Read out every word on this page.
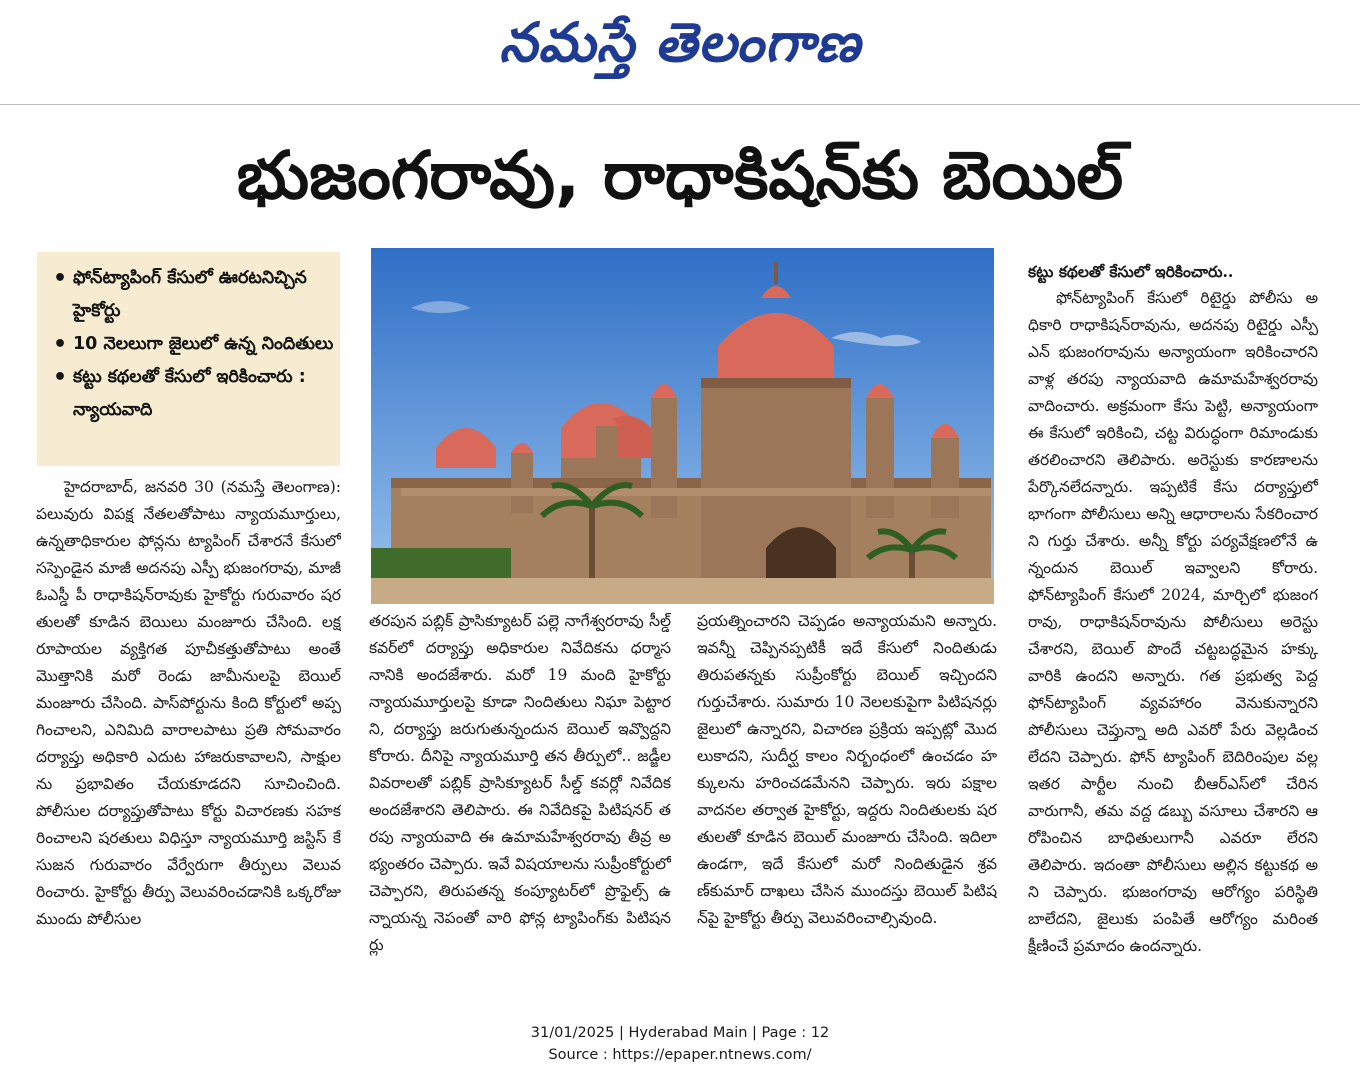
నమస్తే తెలంగాణ
భుజంగరావు, రాధాకిషన్‌కు బెయిల్
• ఫోన్‌ట్యాపింగ్‌ కేసులో ఊరటనిచ్చిన హైకోర్టు
• 10 నెలలుగా జైలులో ఉన్న నిందితులు
• కట్టు కథలతో కేసులో ఇరికించారు : న్యాయవాది

హైదరాబాద్‌, జనవరి 30 (నమస్తే తెలంగాణ): పలువురు విపక్ష నేతలతోపాటు న్యాయమూర్తులు, ఉన్నతాధికారుల ఫోన్లను ట్యాపింగ్‌ చేశారనే కేసులో సస్పెండైన మాజీ అదనపు ఎస్పీ భుజంగరావు, మాజీ ఓఎస్డీ పీ రాధాకిషన్‌రావుకు హైకోర్టు గురువారం షరతులతో కూడిన బెయిలు మంజూరు చేసింది. లక్ష రూపాయల వ్యక్తిగత పూచీకత్తుతోపాటు అంతే మొత్తానికి మరో రెండు జామీనులపై బెయిల్‌ మంజూరు చేసింది. పాస్‌పోర్టును కింది కోర్టులో అప్పగించాలని, ఎనిమిది వారాలపాటు ప్రతి సోమవారం దర్యాప్తు అధికారి ఎదుట హాజరుకావాలని, సాక్షులను ప్రభావితం చేయకూడదని సూచించింది. పోలీసుల దర్యాప్తుతోపాటు కోర్టు విచారణకు సహకరించాలని షరతులు విధిస్తూ న్యాయమూర్తి జస్టిస్‌ కే సుజన గురువారం వేర్వేరుగా తీర్పులు వెలువరించారు. హైకోర్టు తీర్పు వెలువరించడానికి ఒక్కరోజు ముందు పోలీసుల

తరపున పబ్లిక్‌ ప్రాసిక్యూటర్‌ పల్లె నాగేశ్వరరావు సీల్డ్‌ కవర్‌లో దర్యాప్తు అధికారుల నివేదికను ధర్మాసనానికి అందజేశారు. మరో 19 మంది హైకోర్టు న్యాయమూర్తులపై కూడా నిందితులు నిఘా పెట్టారని, దర్యాప్తు జరుగుతున్నందున బెయిల్‌ ఇవ్వొద్దని కోరారు. దీనిపై న్యాయమూర్తి తన తీర్పులో.. జడ్జీల వివరాలతో పబ్లిక్‌ ప్రాసిక్యూటర్‌ సీల్డ్‌ కవర్లో నివేదిక అందజేశారని తెలిపారు. ఈ నివేదికపై పిటిషనర్‌ తరపు న్యాయవాది ఈ ఉమామహేశ్వరరావు తీవ్ర అభ్యంతరం చెప్పారు. ఇవే విషయాలను సుప్రీంకోర్టులో చెప్పారని, తిరుపతన్న కంప్యూటర్‌లో ప్రొఫైల్స్‌ ఉన్నాయన్న నెపంతో వారి ఫోన్ల ట్యాపింగ్‌కు పిటిషనర్లు

ప్రయత్నించారని చెప్పడం అన్యాయమని అన్నారు. ఇవన్నీ చెప్పినప్పటికీ ఇదే కేసులో నిందితుడు తిరుపతన్నకు సుప్రీంకోర్టు బెయిల్‌ ఇచ్చిందని గుర్తుచేశారు. సుమారు 10 నెలలకుపైగా పిటిషనర్లు జైలులో ఉన్నారని, విచారణ ప్రక్రియ ఇప్పట్లో మొదలుకాదని, సుదీర్ఘ కాలం నిర్బంధంలో ఉంచడం హక్కులను హరించడమేనని చెప్పారు. ఇరు పక్షాల వాదనల తర్వాత హైకోర్టు, ఇద్దరు నిందితులకు షరతులతో కూడిన బెయిల్‌ మంజూరు చేసింది. ఇదిలా ఉండగా, ఇదే కేసులో మరో నిందితుడైన శ్రవణ్‌కుమార్‌ దాఖలు చేసిన ముందస్తు బెయిల్‌ పిటిషన్‌పై హైకోర్టు తీర్పు వెలువరించాల్సివుంది.

కట్టు కథలతో కేసులో ఇరికించారు..
ఫోన్‌ట్యాపింగ్‌ కేసులో రిటైర్డు పోలీసు అధికారి రాధాకిషన్‌రావును, అదనపు రిటైర్డు ఎస్పీ ఎన్‌ భుజంగరావును అన్యాయంగా ఇరికించారని వాళ్ల తరపు న్యాయవాది ఉమామహేశ్వరరావు వాదించారు. అక్రమంగా కేసు పెట్టి, అన్యాయంగా ఈ కేసులో ఇరికించి, చట్ట విరుద్ధంగా రిమాండుకు తరలించారని తెలిపారు. అరెస్టుకు కారణాలను పేర్కొనలేదన్నారు. ఇప్పటికే కేసు దర్యాప్తులో భాగంగా పోలీసులు అన్ని ఆధారాలను సేకరించారని గుర్తు చేశారు. అన్నీ కోర్టు పర్యవేక్షణలోనే ఉన్నందున బెయిల్‌ ఇవ్వాలని కోరారు. ఫోన్‌ట్యాపింగ్‌ కేసులో 2024, మార్చిలో భుజంగరావు, రాధాకిషన్‌రావును పోలీసులు అరెస్టు చేశారని, బెయిల్‌ పొందే చట్టబద్ధమైన హక్కు వారికి ఉందని అన్నారు. గత ప్రభుత్వ పెద్ద ఫోన్‌ట్యాపింగ్‌ వ్యవహారం వెనుకున్నారని పోలీసులు చెప్తున్నా అది ఎవరో పేరు వెల్లడించలేదని చెప్పారు. ఫోన్‌ ట్యాపింగ్‌ బెదిరింపుల వల్ల ఇతర పార్టీల నుంచి బీఆర్‌ఎస్‌లో చేరిన వారుగానీ, తమ వద్ద డబ్బు వసూలు చేశారని ఆరోపించిన బాధితులుగానీ ఎవరూ లేరని తెలిపారు. ఇదంతా పోలీసులు అల్లిన కట్టుకథ అని చెప్పారు. భుజంగరావు ఆరోగ్యం పరిస్థితి బాలేదని, జైలుకు పంపితే ఆరోగ్యం మరింత క్షీణించే ప్రమాదం ఉందన్నారు.
31/01/2025 | Hyderabad Main | Page : 12
Source : https://epaper.ntnews.com/
